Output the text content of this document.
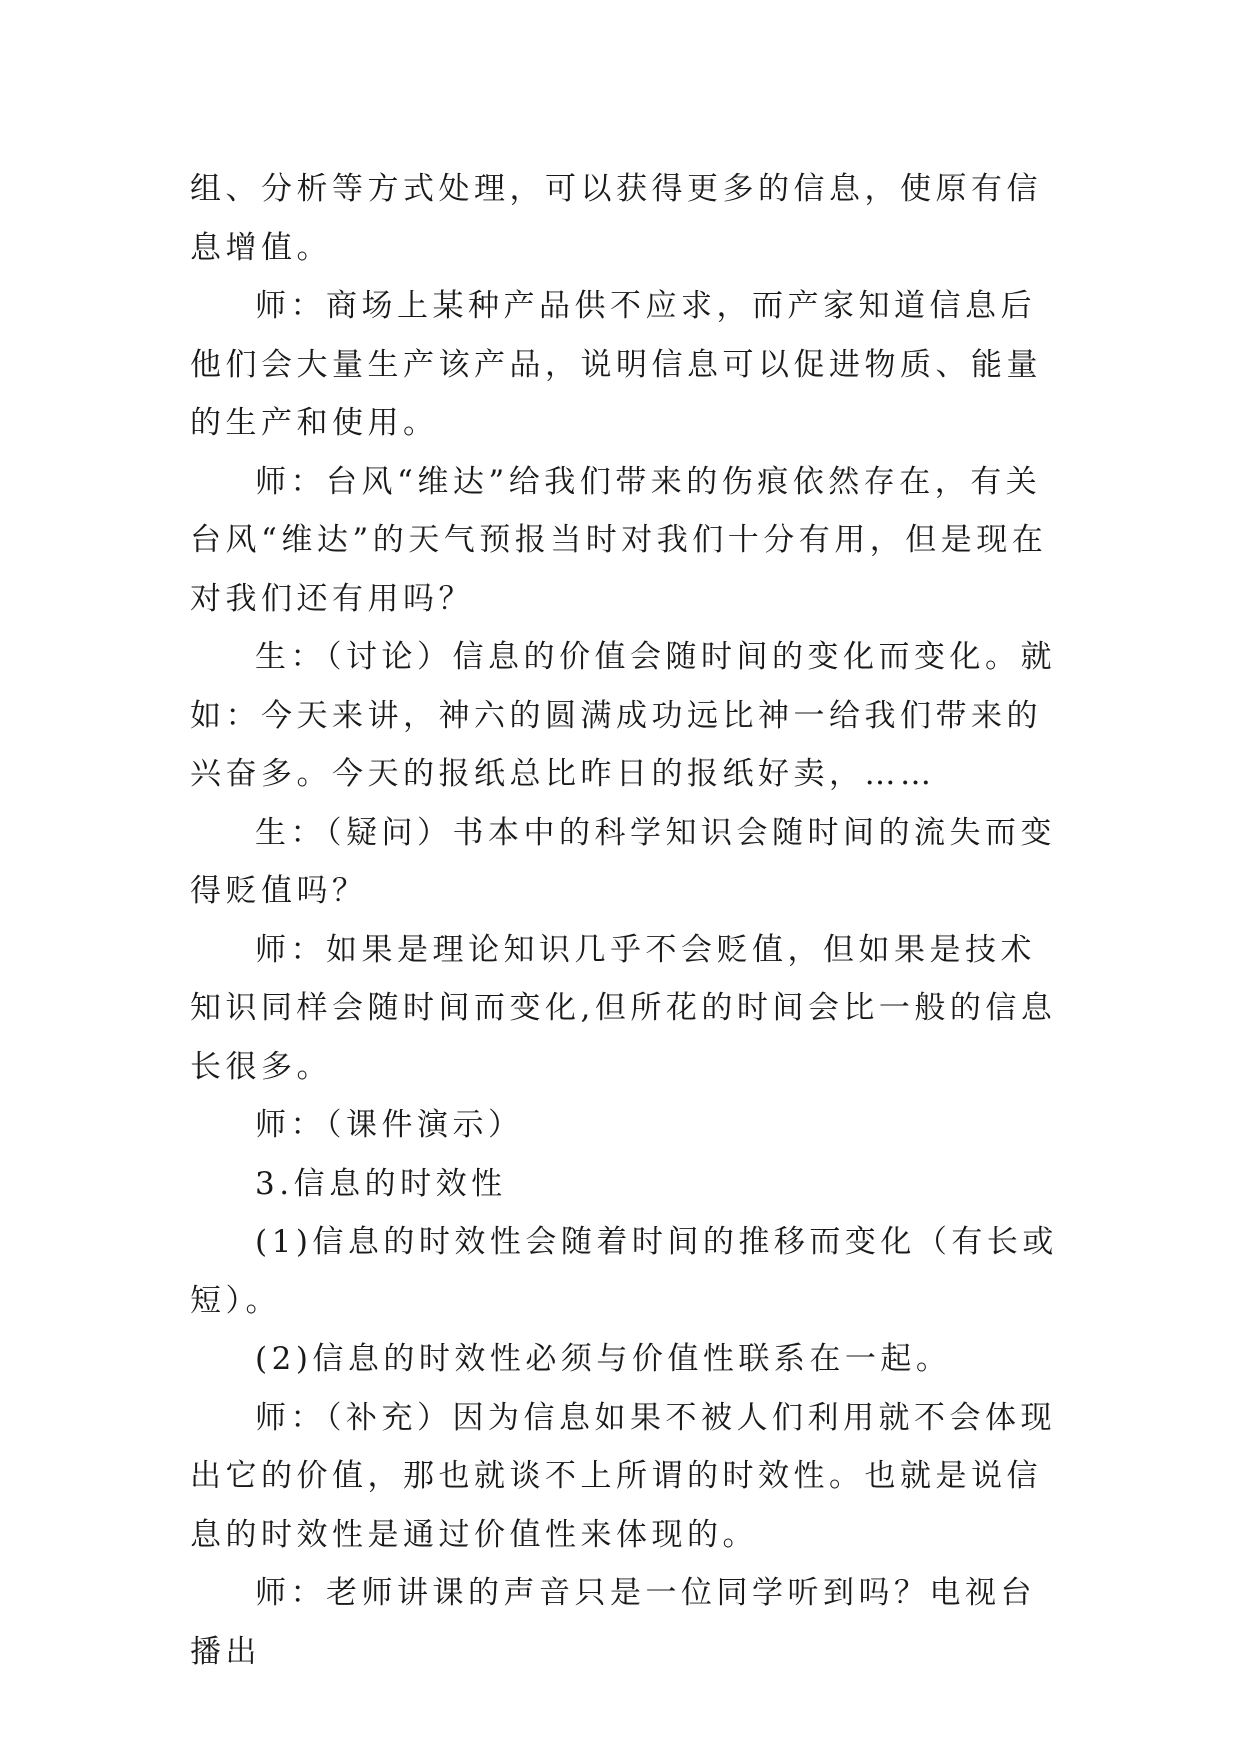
组、分析等方式处理，可以获得更多的信息，使原有信息增值。

师：商场上某种产品供不应求，而产家知道信息后他们会大量生产该产品，说明信息可以促进物质、能量的生产和使用。

师：台风“维达”给我们带来的伤痕依然存在，有关台风“维达”的天气预报当时对我们十分有用，但是现在对我们还有用吗？

生：（讨论）信息的价值会随时间的变化而变化。就如：今天来讲，神六的圆满成功远比神一给我们带来的兴奋多。今天的报纸总比昨日的报纸好卖，……

生：（疑问）书本中的科学知识会随时间的流失而变得贬值吗？

师：如果是理论知识几乎不会贬值，但如果是技术知识同样会随时间而变化,但所花的时间会比一般的信息长很多。

师：（课件演示）

3.信息的时效性

(1)信息的时效性会随着时间的推移而变化（有长或短）。

(2)信息的时效性必须与价值性联系在一起。

师：（补充）因为信息如果不被人们利用就不会体现出它的价值，那也就谈不上所谓的时效性。也就是说信息的时效性是通过价值性来体现的。

师：老师讲课的声音只是一位同学听到吗？电视台播出
